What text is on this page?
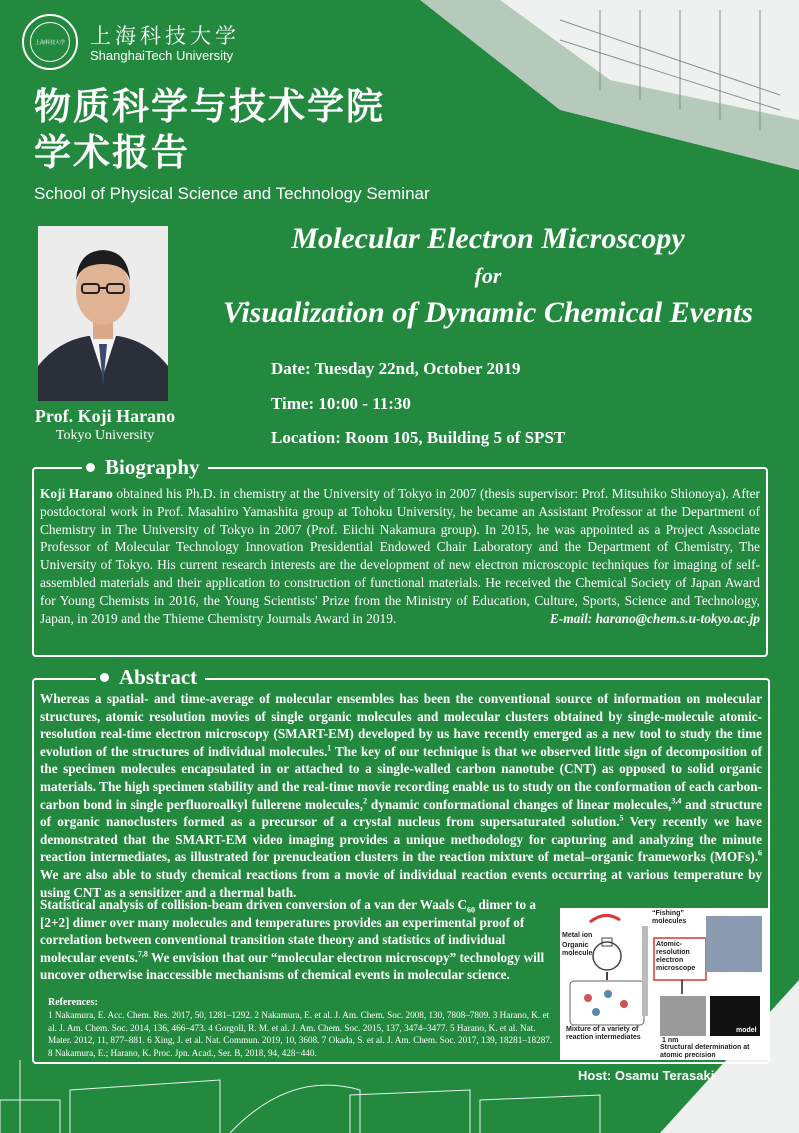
上海科技大学 上海科技大学
ShanghaiTech University
物质科学与技术学院
学术报告
School of Physical Science and Technology Seminar
Prof. Koji Harano
Tokyo University
Molecular Electron Microscopy
for
Visualization of Dynamic Chemical Events
Date: Tuesday 22nd, October 2019
Time: 10:00 - 11:30
Location: Room 105, Building 5 of SPST
Biography
Koji Harano obtained his Ph.D. in chemistry at the University of Tokyo in 2007 (thesis supervisor: Prof. Mitsuhiko Shionoya). After postdoctoral work in Prof. Masahiro Yamashita group at Tohoku University, he became an Assistant Professor at the Department of Chemistry in The University of Tokyo in 2007 (Prof. Eiichi Nakamura group). In 2015, he was appointed as a Project Associate Professor of Molecular Technology Innovation Presidential Endowed Chair Laboratory and the Department of Chemistry, The University of Tokyo. His current research interests are the development of new electron microscopic techniques for imaging of self-assembled materials and their application to construction of functional materials. He received the Chemical Society of Japan Award for Young Chemists in 2016, the Young Scientists' Prize from the Ministry of Education, Culture, Sports, Science and Technology, Japan, in 2019 and the Thieme Chemistry Journals Award in 2019.	E-mail: harano@chem.s.u-tokyo.ac.jp
Abstract
Whereas a spatial- and time-average of molecular ensembles has been the conventional source of information on molecular structures, atomic resolution movies of single organic molecules and molecular clusters obtained by single-molecule atomic-resolution real-time electron microscopy (SMART-EM) developed by us have recently emerged as a new tool to study the time evolution of the structures of individual molecules.$^1$ The key of our technique is that we observed little sign of decomposition of the specimen molecules encapsulated in or attached to a single-walled carbon nanotube (CNT) as opposed to solid organic materials. The high specimen stability and the real-time movie recording enable us to study on the conformation of each carbon-carbon bond in single perfluoroalkyl fullerene molecules,$^2$ dynamic conformational changes of linear molecules,$^{3,4}$ and structure of organic nanoclusters formed as a precursor of a crystal nucleus from supersaturated solution.$^5$ Very recently we have demonstrated that the SMART-EM video imaging provides a unique methodology for capturing and analyzing the minute reaction intermediates, as illustrated for prenucleation clusters in the reaction mixture of metal–organic frameworks (MOFs).$^6$ We are also able to study chemical reactions from a movie of individual reaction events occurring at various temperature by using CNT as a sensitizer and a thermal bath.
Statistical analysis of collision-beam driven conversion of a van der Waals $C_{60}$ dimer to a [2+2] dimer over many molecules and temperatures provides an experimental proof of correlation between conventional transition state theory and statistics of individual molecular events.$^{7,8}$ We envision that our “molecular electron microscopy” technology will uncover otherwise inaccessible mechanisms of chemical events in molecular science.
References:
1 Nakamura, E. Acc. Chem. Res. 2017, 50, 1281–1292. 2 Nakamura, E. et al. J. Am. Chem. Soc. 2008, 130, 7808–7809. 3 Harano, K. et al. J. Am. Chem. Soc. 2014, 136, 466–473. 4 Gorgoll, R. M. et al. J. Am. Chem. Soc. 2015, 137, 3474–3477. 5 Harano, K. et al. Nat. Mater. 2012, 11, 877–881. 6 Xing, J. et al. Nat. Commun. 2019, 10, 3608. 7 Okada, S. et al. J. Am. Chem. Soc. 2017, 139, 18281–18287. 8 Nakamura, E.; Harano, K. Proc. Jpn. Acad., Ser. B, 2018, 94, 428−440.
Metal ion
Organic molecule
“Fishing” molecules
Atomic-resolution electron microscope
Mixture of a variety of reaction intermediates	1 nm
model
Structural determination at atomic precision
Host: Osamu Terasaki
